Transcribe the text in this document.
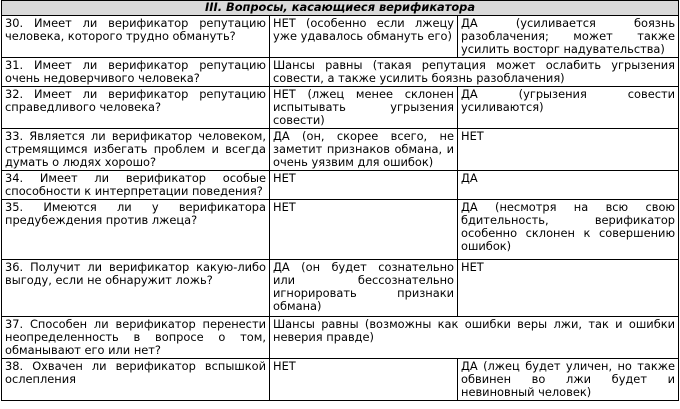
III. Вопросы, касающиеся верификатора		
30. Имеет ли верификатор репутацию человека, которого трудно обмануть?	НЕТ (особенно если лжецу уже удавалось обмануть его)	ДА (усиливается боязнь разоблачения; может также усилить восторг надувательства)
31. Имеет ли верификатор репутацию очень недоверчивого человека?	Шансы равны (такая репутация может ослабить угрызения совести, а также усилить боязнь разоблачения)	
32. Имеет ли верификатор репутацию справедливого человека?	НЕТ (лжец менее склонен испытывать угрызения совести)	ДА (угрызения совести усиливаются)
33. Является ли верификатор человеком, стремящимся избегать проблем и всегда думать о людях хорошо?	ДА (он, скорее всего, не заметит признаков обмана, и очень уязвим для ошибок)	НЕТ
34. Имеет ли верификатор особые способности к интерпретации поведения?	НЕТ	ДА
35. Имеются ли у верификатора предубеждения против лжеца?	НЕТ	ДА (несмотря на всю свою бдительность, верификатор особенно склонен к совершению ошибок)
36. Получит ли верификатор какую-либо выгоду, если не обнаружит ложь?	ДА (он будет сознательно или бессознательно игнорировать признаки обмана)	НЕТ
37. Способен ли верификатор перенести неопределенность в вопросе о том, обманывают его или нет?	Шансы равны (возможны как ошибки веры лжи, так и ошибки неверия правде)	
38. Охвачен ли верификатор вспышкой ослепления	НЕТ	ДА (лжец будет уличен, но также обвинен во лжи будет и невиновный человек)
